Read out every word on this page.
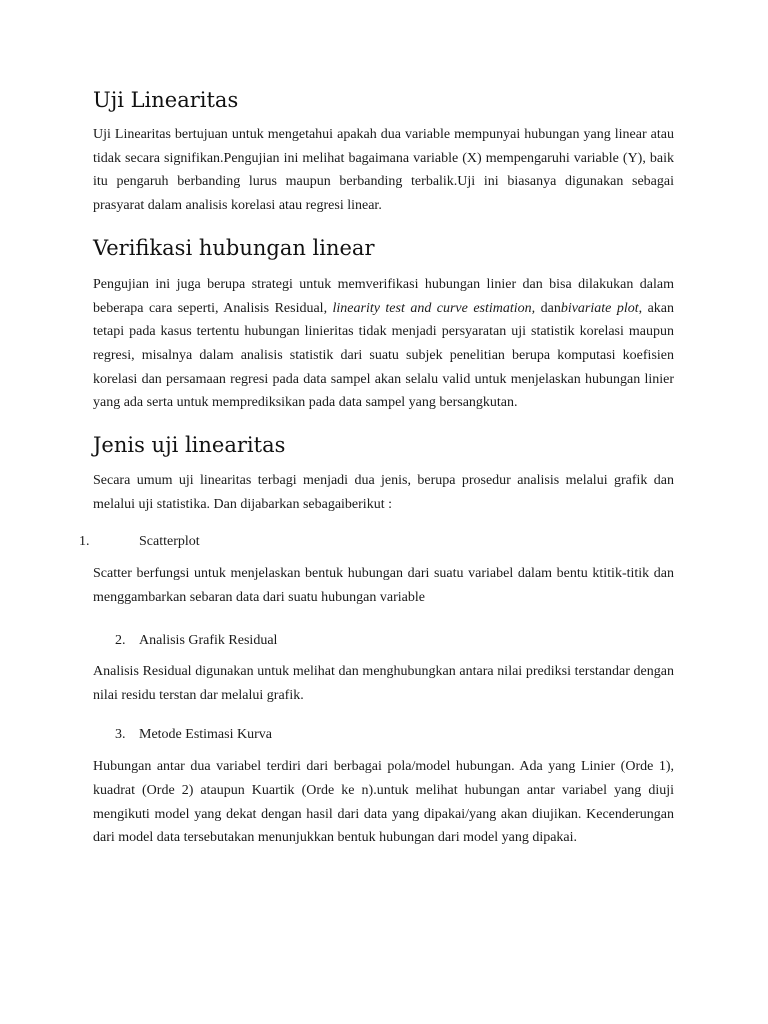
Uji Linearitas

Uji Linearitas bertujuan untuk mengetahui apakah dua variable mempunyai hubungan yang linear atau tidak secara signifikan.Pengujian ini melihat bagaimana variable (X) mempengaruhi variable (Y), baik itu pengaruh berbanding lurus maupun berbanding terbalik.Uji ini biasanya digunakan sebagai prasyarat dalam analisis korelasi atau regresi linear.

Verifikasi hubungan linear

Pengujian ini juga berupa strategi untuk memverifikasi hubungan linier dan bisa dilakukan dalam beberapa cara seperti, Analisis Residual, linearity test and curve estimation, danbivariate plot, akan tetapi pada kasus tertentu hubungan linieritas tidak menjadi persyaratan uji statistik korelasi maupun regresi, misalnya dalam analisis statistik dari suatu subjek penelitian berupa komputasi koefisien korelasi dan persamaan regresi pada data sampel akan selalu valid untuk menjelaskan hubungan linier yang ada serta untuk memprediksikan pada data sampel yang bersangkutan.

Jenis uji linearitas

Secara umum uji linearitas terbagi menjadi dua jenis, berupa prosedur analisis melalui grafik dan melalui uji statistika. Dan dijabarkan sebagaiberikut :

1.	Scatterplot

Scatter berfungsi untuk menjelaskan bentuk hubungan dari suatu variabel dalam bentu ktitik-titik dan menggambarkan sebaran data dari suatu hubungan variable

2. Analisis Grafik Residual

Analisis Residual digunakan untuk melihat dan menghubungkan antara nilai prediksi terstandar dengan nilai residu terstan dar melalui grafik.

3. Metode Estimasi Kurva

Hubungan antar dua variabel terdiri dari berbagai pola/model hubungan. Ada yang Linier (Orde 1), kuadrat (Orde 2) ataupun Kuartik (Orde ke n).untuk melihat hubungan antar variabel yang diuji mengikuti model yang dekat dengan hasil dari data yang dipakai/yang akan diujikan. Kecenderungan dari model data tersebutakan menunjukkan bentuk hubungan dari model yang dipakai.
